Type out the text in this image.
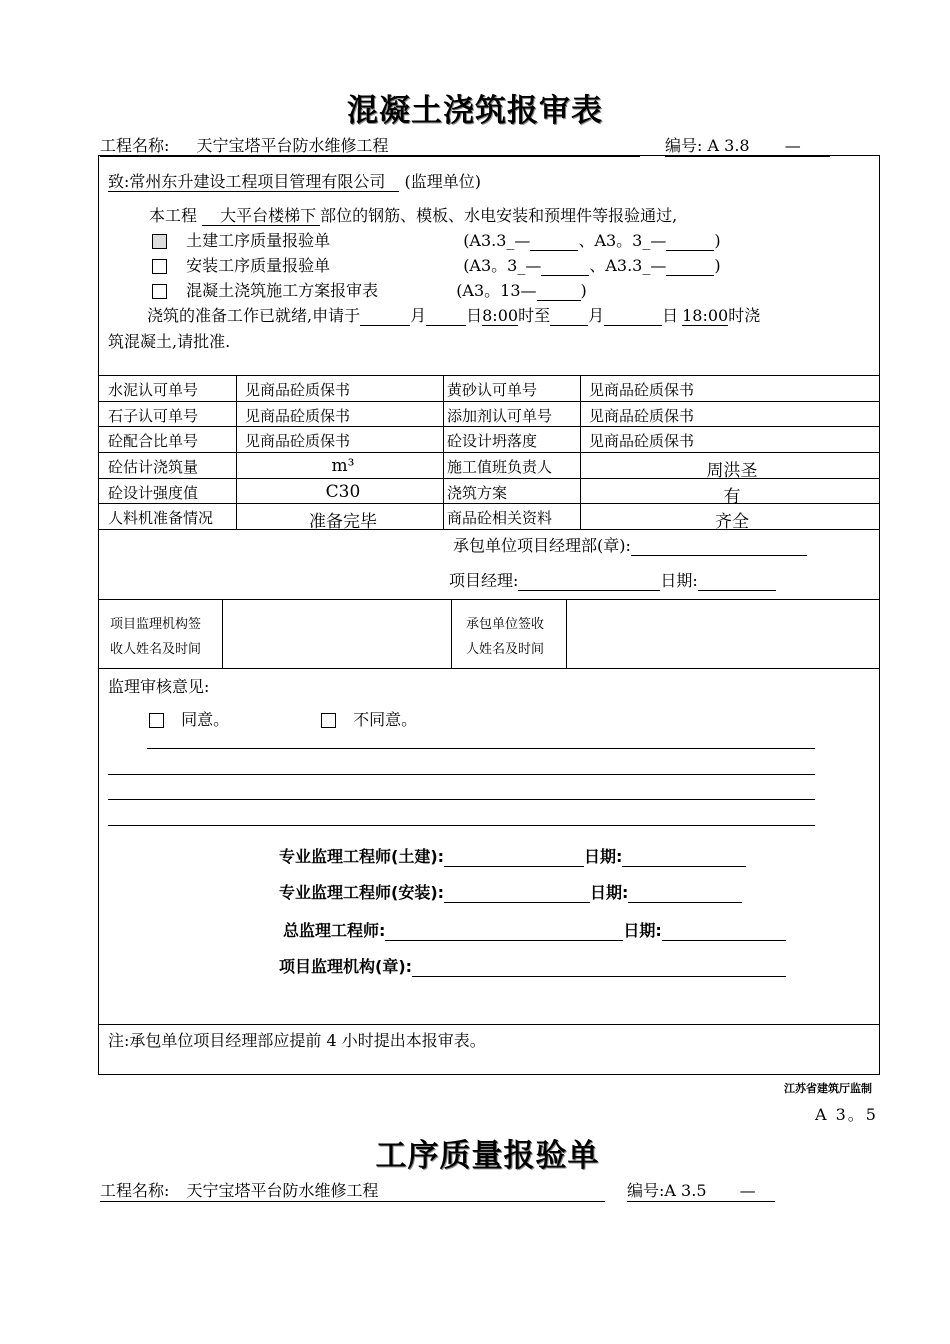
混凝土浇筑报审表
工程名称: 天宁宝塔平台防水维修工程	编号: A 3.8 —
致:常州东升建设工程项目管理有限公司 (监理单位)
本工程 大平台楼梯下 部位的钢筋、模板、水电安装和预埋件等报验通过,
土建工序质量报验单	(A3.3_—	、A3。3_—	)
安装工序质量报验单	(A3。3_—	、A3.3_—	)
混凝土浇筑施工方案报审表	(A3。13—	)
浇筑的准备工作已就绪,申请于	月	日8:00时至 月	日 18:00时浇
筑混凝土,请批准.
水泥认可单号	见商品砼质保书	黄砂认可单号	见商品砼质保书
石子认可单号	见商品砼质保书	添加剂认可单号	见商品砼质保书
砼配合比单号	见商品砼质保书	砼设计坍落度	见商品砼质保书
砼估计浇筑量	m³	施工值班负责人	周洪圣
砼设计强度值	C30	浇筑方案	有
人料机准备情况	准备完毕	商品砼相关资料	齐全
承包单位项目经理部(章):
项目经理:	日期:
项目监理机构签
收人姓名及时间
承包单位签收
人姓名及时间
监理审核意见:
同意。	不同意。
专业监理工程师(土建):	日期:
专业监理工程师(安装):	日期:
总监理工程师:	日期:
项目监理机构(章):
注:承包单位项目经理部应提前 4 小时提出本报审表。
江苏省建筑厅监制
A 3。5
工序质量报验单
工程名称: 天宁宝塔平台防水维修工程	编号:A 3.5 —
